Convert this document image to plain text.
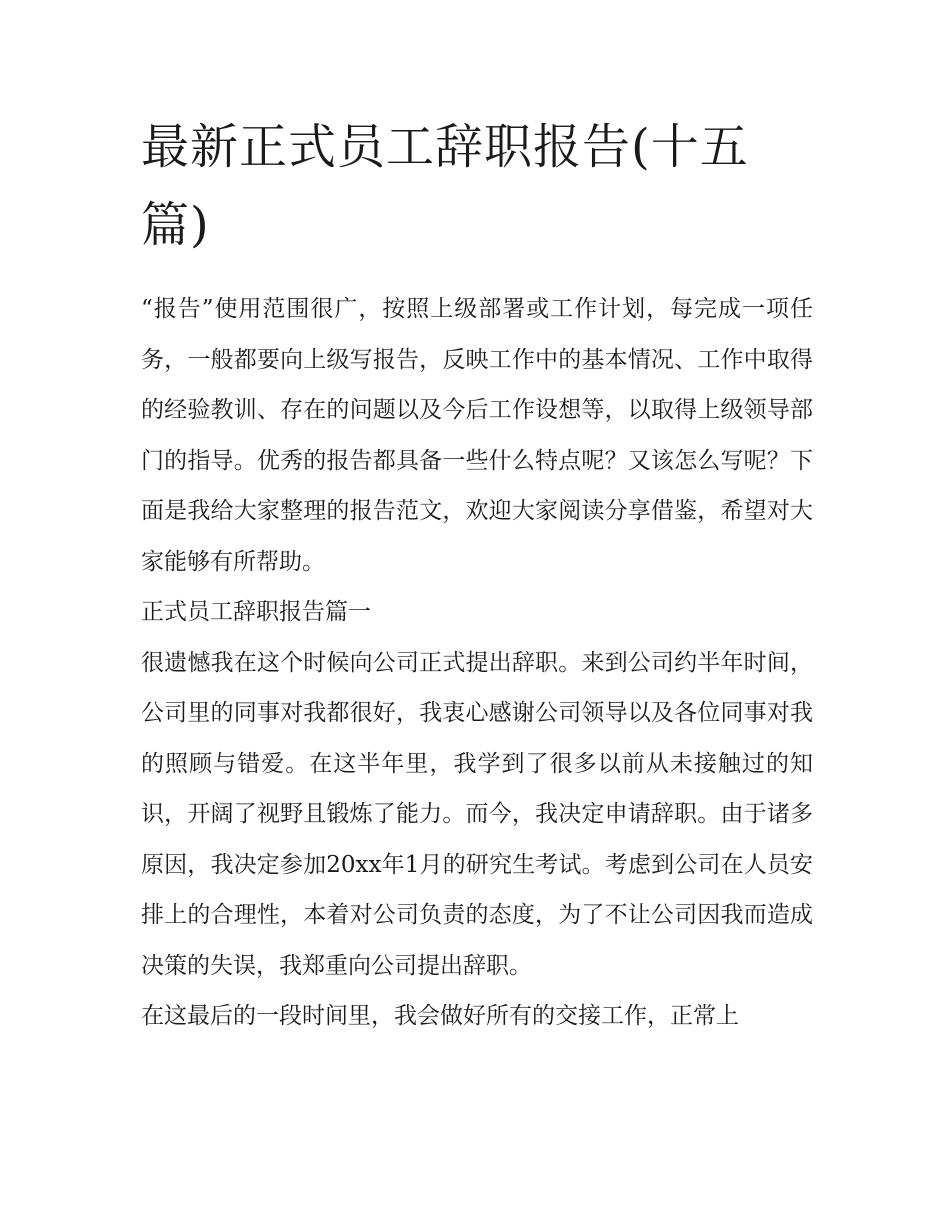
最新正式员工辞职报告(十五篇)

“报告”使用范围很广，按照上级部署或工作计划，每完成一项任务，一般都要向上级写报告，反映工作中的基本情况、工作中取得的经验教训、存在的问题以及今后工作设想等，以取得上级领导部门的指导。优秀的报告都具备一些什么特点呢？又该怎么写呢？下面是我给大家整理的报告范文，欢迎大家阅读分享借鉴，希望对大家能够有所帮助。

正式员工辞职报告篇一

很遗憾我在这个时候向公司正式提出辞职。来到公司约半年时间，公司里的同事对我都很好，我衷心感谢公司领导以及各位同事对我的照顾与错爱。在这半年里，我学到了很多以前从未接触过的知识，开阔了视野且锻炼了能力。而今，我决定申请辞职。由于诸多原因，我决定参加20xx年1月的研究生考试。考虑到公司在人员安排上的合理性，本着对公司负责的态度，为了不让公司因我而造成决策的失误，我郑重向公司提出辞职。

在这最后的一段时间里，我会做好所有的交接工作，正常上
